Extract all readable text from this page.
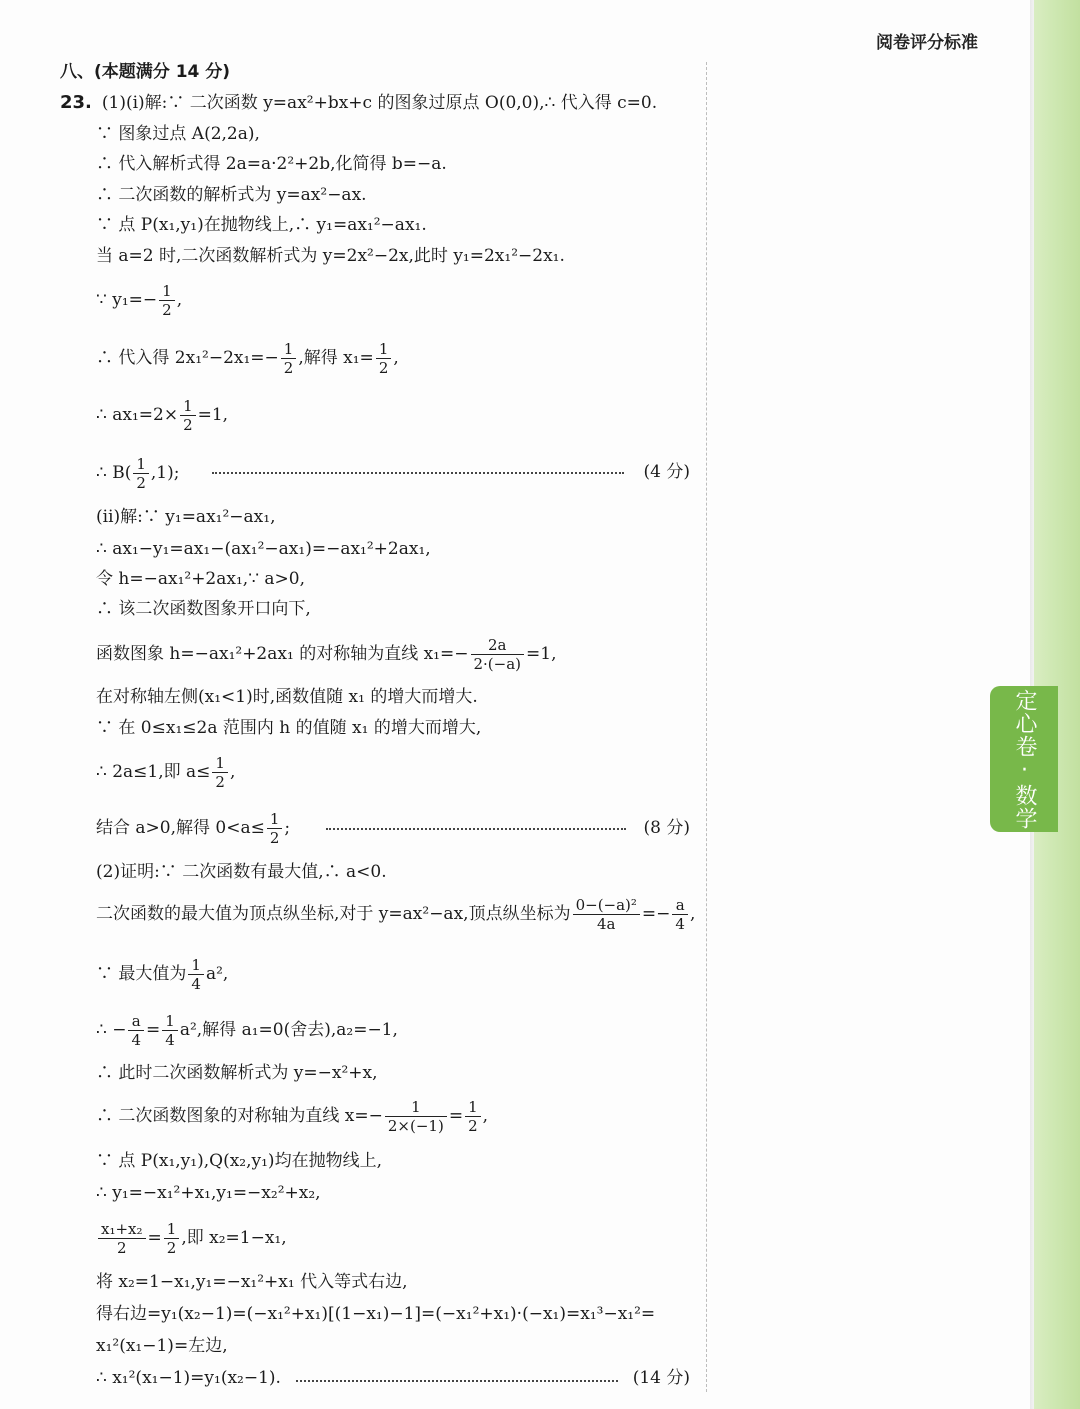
阅卷评分标准
八、(本题满分 14 分)
23. (1)(ⅰ)解:∵ 二次函数 y=ax²+bx+c 的图象过原点 O(0,0),∴ 代入得 c=0.
∵ 图象过点 A(2,2a),
∴ 代入解析式得 2a=a·2²+2b,化简得 b=−a.
∴ 二次函数的解析式为 y=ax²−ax.
∵ 点 P(x₁,y₁)在抛物线上,∴ y₁=ax₁²−ax₁.
当 a=2 时,二次函数解析式为 y=2x²−2x,此时 y₁=2x₁²−2x₁.
∵ $y_1=- \frac{1}{2}$ ,
∴ 代入得 $2x_1^2-2x_1=- \frac{1}{2}$ ,解得 $x_1= \frac{1}{2}$ ,
∴ $ax_1=2\times \frac{1}{2} =1$,
∴ $B( \frac{1}{2} ,1)$;	(4 分)
(ⅱ)解:∵ y₁=ax₁²−ax₁,
∴ ax₁−y₁=ax₁−(ax₁²−ax₁)=−ax₁²+2ax₁,
令 h=−ax₁²+2ax₁,∵ a>0,
∴ 该二次函数图象开口向下,
函数图象 h=−ax₁²+2ax₁ 的对称轴为直线 $x_1=- \frac{2a}{2\cdot(-a)} =1$,
在对称轴左侧(x₁<1)时,函数值随 x₁ 的增大而增大.
∵ 在 0≤x₁≤2a 范围内 h 的值随 x₁ 的增大而增大,
∴ 2a≤1,即 $a\le \frac{1}{2}$ ,
结合 a>0,解得 $0<a\le \frac{1}{2}$ ;	(8 分)
(2)证明:∵ 二次函数有最大值,∴ a<0.
二次函数的最大值为顶点纵坐标,对于 y=ax²−ax,顶点纵坐标为 $\frac{\text{0−(−a)²}}{4a} =- \frac{a}{4}$ ,
∵ 最大值为 $\frac{1}{4} a^2$,
∴ − $\frac{a}{4} = \frac{1}{4} a^2$,解得 a₁=0(舍去),a₂=−1,
∴ 此时二次函数解析式为 y=−x²+x,
∴ 二次函数图象的对称轴为直线 $x=- \frac{1}{2\times(-1)} = \frac{1}{2}$ ,
∵ 点 P(x₁,y₁),Q(x₂,y₁)均在抛物线上,
∴ y₁=−x₁²+x₁,y₁=−x₂²+x₂,
$\frac{\text{x₁+x₂}}{2} = \frac{1}{2}$ ,即 x₂=1−x₁,
将 x₂=1−x₁,y₁=−x₁²+x₁ 代入等式右边,
得右边=y₁(x₂−1)=(−x₁²+x₁)[(1−x₁)−1]=(−x₁²+x₁)·(−x₁)=x₁³−x₁²=
x₁²(x₁−1)=左边,
∴ x₁²(x₁−1)=y₁(x₂−1).	(14 分)
定心卷·数学
